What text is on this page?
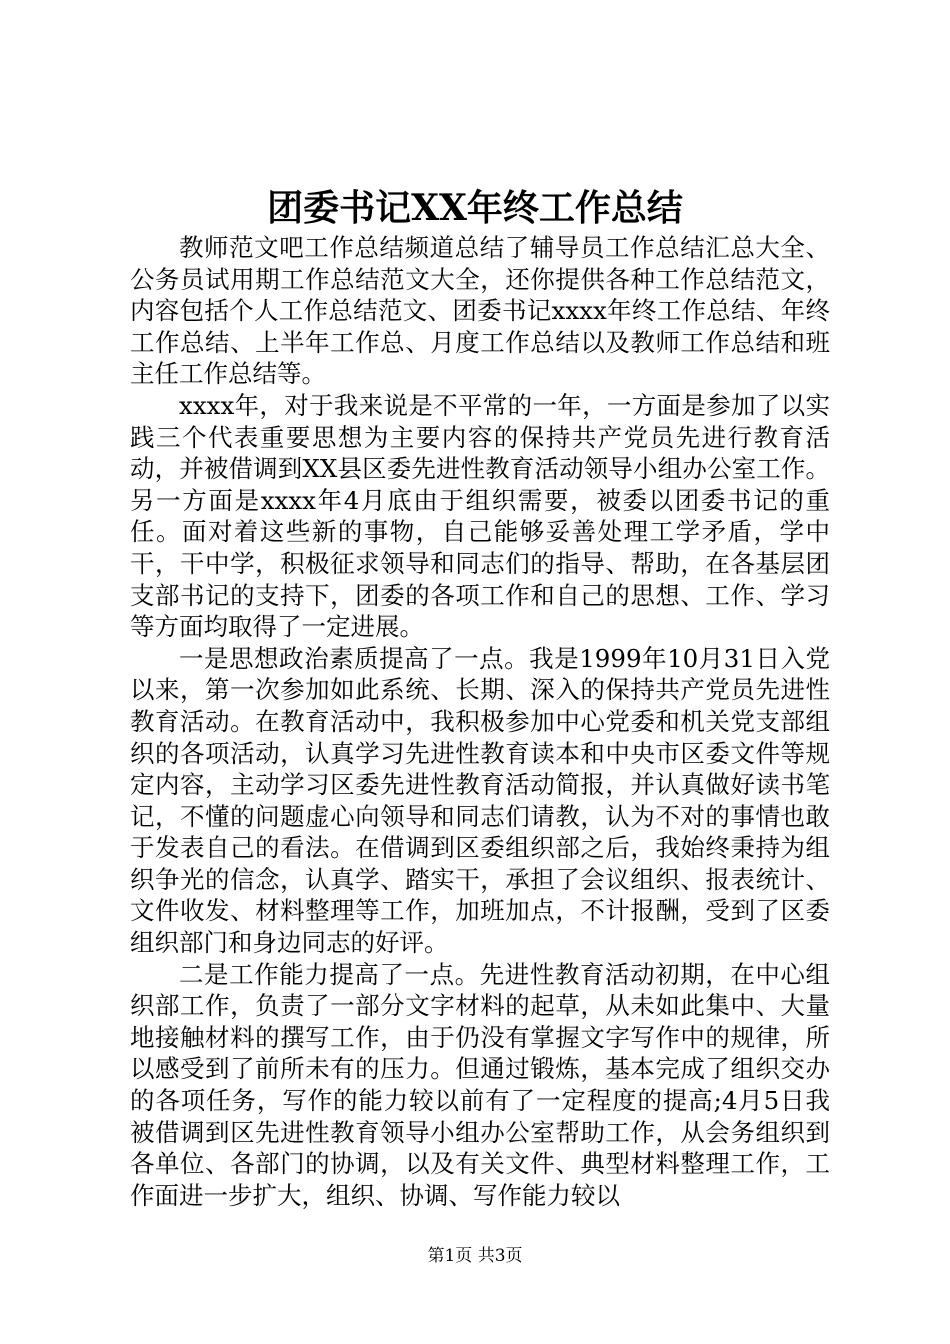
团委书记XX年终工作总结

教师范文吧工作总结频道总结了辅导员工作总结汇总大全、公务员试用期工作总结范文大全，还你提供各种工作总结范文，内容包括个人工作总结范文、团委书记xxxx年终工作总结、年终工作总结、上半年工作总、月度工作总结以及教师工作总结和班主任工作总结等。

xxxx年，对于我来说是不平常的一年，一方面是参加了以实践三个代表重要思想为主要内容的保持共产党员先进行教育活动，并被借调到XX县区委先进性教育活动领导小组办公室工作。另一方面是xxxx年4月底由于组织需要，被委以团委书记的重任。面对着这些新的事物，自己能够妥善处理工学矛盾，学中干，干中学，积极征求领导和同志们的指导、帮助，在各基层团支部书记的支持下，团委的各项工作和自己的思想、工作、学习等方面均取得了一定进展。

一是思想政治素质提高了一点。我是1999年10月31日入党以来，第一次参加如此系统、长期、深入的保持共产党员先进性教育活动。在教育活动中，我积极参加中心党委和机关党支部组织的各项活动，认真学习先进性教育读本和中央市区委文件等规定内容，主动学习区委先进性教育活动简报，并认真做好读书笔记，不懂的问题虚心向领导和同志们请教，认为不对的事情也敢于发表自己的看法。在借调到区委组织部之后，我始终秉持为组织争光的信念，认真学、踏实干，承担了会议组织、报表统计、文件收发、材料整理等工作，加班加点，不计报酬，受到了区委组织部门和身边同志的好评。

二是工作能力提高了一点。先进性教育活动初期，在中心组织部工作，负责了一部分文字材料的起草，从未如此集中、大量地接触材料的撰写工作，由于仍没有掌握文字写作中的规律，所以感受到了前所未有的压力。但通过锻炼，基本完成了组织交办的各项任务，写作的能力较以前有了一定程度的提高;4月5日我被借调到区先进性教育领导小组办公室帮助工作，从会务组织到各单位、各部门的协调，以及有关文件、典型材料整理工作，工作面进一步扩大，组织、协调、写作能力较以

第1页 共3页
